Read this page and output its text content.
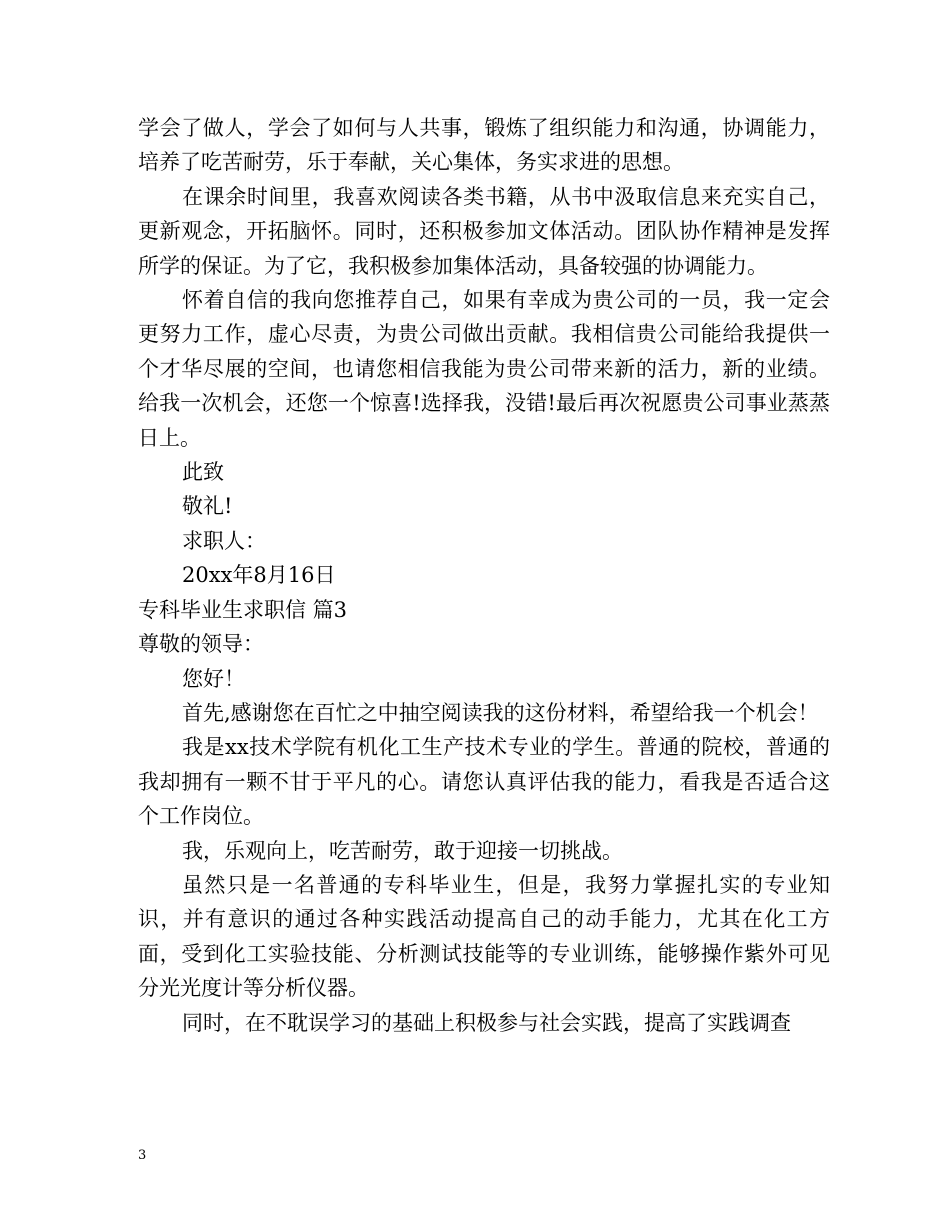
学会了做人，学会了如何与人共事，锻炼了组织能力和沟通，协调能力，培养了吃苦耐劳，乐于奉献，关心集体，务实求进的思想。

在课余时间里，我喜欢阅读各类书籍，从书中汲取信息来充实自己，更新观念，开拓脑怀。同时，还积极参加文体活动。团队协作精神是发挥所学的保证。为了它，我积极参加集体活动，具备较强的协调能力。

怀着自信的我向您推荐自己，如果有幸成为贵公司的一员，我一定会更努力工作，虚心尽责，为贵公司做出贡献。我相信贵公司能给我提供一个才华尽展的空间，也请您相信我能为贵公司带来新的活力，新的业绩。给我一次机会，还您一个惊喜!选择我，没错!最后再次祝愿贵公司事业蒸蒸日上。

此致

敬礼!

求职人：

20xx年8月16日

专科毕业生求职信 篇3

尊敬的领导：

您好！

首先,感谢您在百忙之中抽空阅读我的这份材料，希望给我一个机会！

我是xx技术学院有机化工生产技术专业的学生。普通的院校，普通的我却拥有一颗不甘于平凡的心。请您认真评估我的能力，看我是否适合这个工作岗位。

我，乐观向上，吃苦耐劳，敢于迎接一切挑战。

虽然只是一名普通的专科毕业生，但是，我努力掌握扎实的专业知识，并有意识的通过各种实践活动提高自己的动手能力，尤其在化工方面，受到化工实验技能、分析测试技能等的专业训练，能够操作紫外可见分光光度计等分析仪器。

同时，在不耽误学习的基础上积极参与社会实践，提高了实践调查

3
